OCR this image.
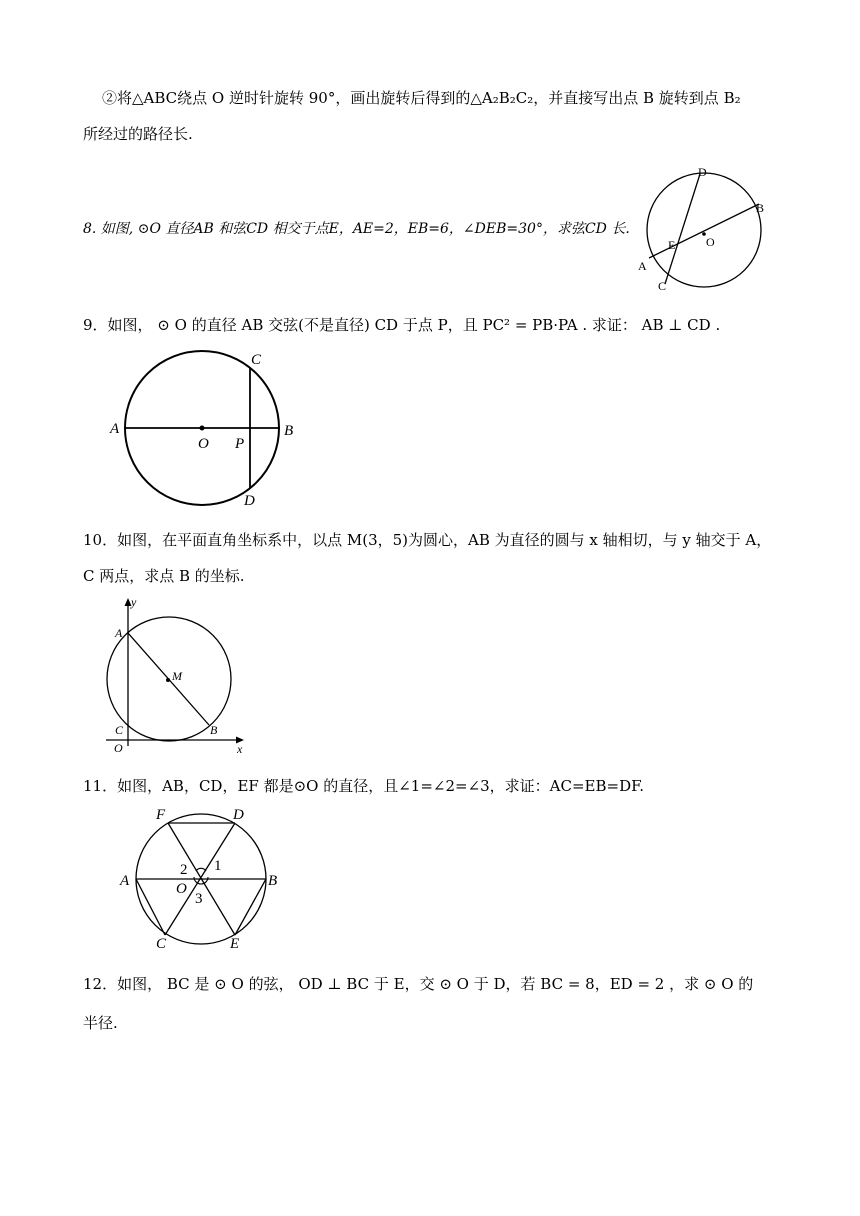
②将△ABC绕点 O 逆时针旋转 90°，画出旋转后得到的△A₂B₂C₂，并直接写出点 B 旋转到点 B₂
所经过的路径长.
8. 如图, ⊙O 直径AB 和弦CD 相交于点E，AE=2，EB=6，∠DEB=30°，求弦CD 长.
D
B
E	O
A
C
9．如图， ⊙ O 的直径 AB 交弦(不是直径) CD 于点 P，且 PC² = PB·PA . 求证： AB ⊥ CD .
A	B
C
D
O P
10．如图，在平面直角坐标系中，以点 M(3，5)为圆心，AB 为直径的圆与 x 轴相切，与 y 轴交于 A，
C 两点，求点 B 的坐标.
y
A
M
C	B
O	x
11．如图，AB，CD，EF 都是⊙O 的直径，且∠1=∠2=∠3，求证：AC=EB=DF.
F	D
A	B
C	E
O
1
2
3
12．如图， BC 是 ⊙ O 的弦， OD ⊥ BC 于 E，交 ⊙ O 于 D，若 BC = 8，ED = 2 ，求 ⊙ O 的
半径.
